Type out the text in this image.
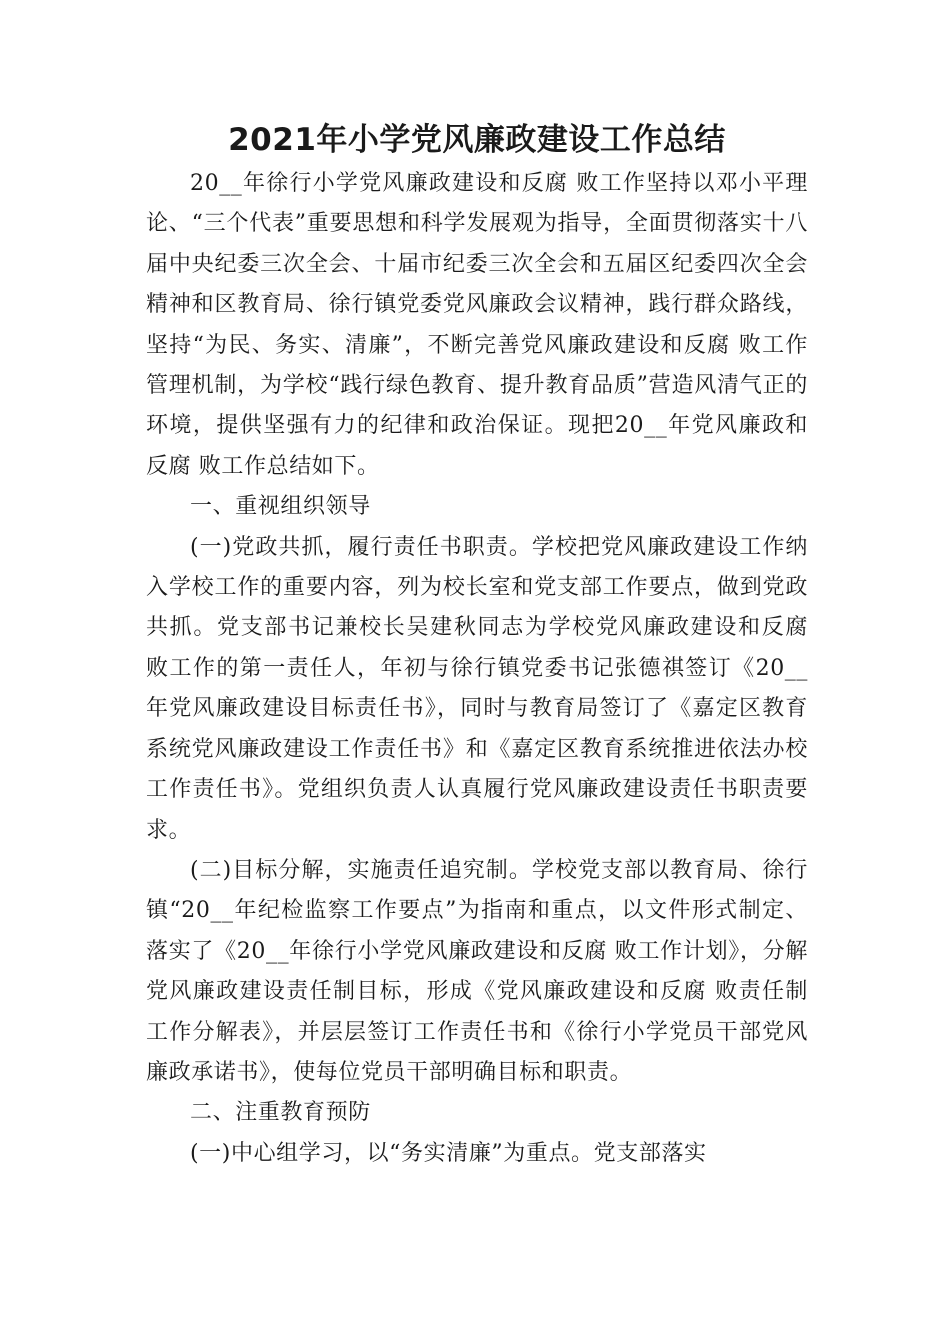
2021年小学党风廉政建设工作总结

20__年徐行小学党风廉政建设和反腐 败工作坚持以邓小平理论、“三个代表”重要思想和科学发展观为指导，全面贯彻落实十八届中央纪委三次全会、十届市纪委三次全会和五届区纪委四次全会精神和区教育局、徐行镇党委党风廉政会议精神，践行群众路线，坚持“为民、务实、清廉”，不断完善党风廉政建设和反腐 败工作管理机制，为学校“践行绿色教育、提升教育品质”营造风清气正的环境，提供坚强有力的纪律和政治保证。现把20__年党风廉政和反腐 败工作总结如下。

一、重视组织领导

(一)党政共抓，履行责任书职责。学校把党风廉政建设工作纳入学校工作的重要内容，列为校长室和党支部工作要点，做到党政共抓。党支部书记兼校长吴建秋同志为学校党风廉政建设和反腐 败工作的第一责任人，年初与徐行镇党委书记张德祺签订《20__年党风廉政建设目标责任书》，同时与教育局签订了《嘉定区教育系统党风廉政建设工作责任书》和《嘉定区教育系统推进依法办校工作责任书》。党组织负责人认真履行党风廉政建设责任书职责要求。

(二)目标分解，实施责任追究制。学校党支部以教育局、徐行镇“20__年纪检监察工作要点”为指南和重点，以文件形式制定、落实了《20__年徐行小学党风廉政建设和反腐 败工作计划》，分解党风廉政建设责任制目标，形成《党风廉政建设和反腐 败责任制工作分解表》，并层层签订工作责任书和《徐行小学党员干部党风廉政承诺书》，使每位党员干部明确目标和职责。

二、注重教育预防

(一)中心组学习，以“务实清廉”为重点。党支部落实
